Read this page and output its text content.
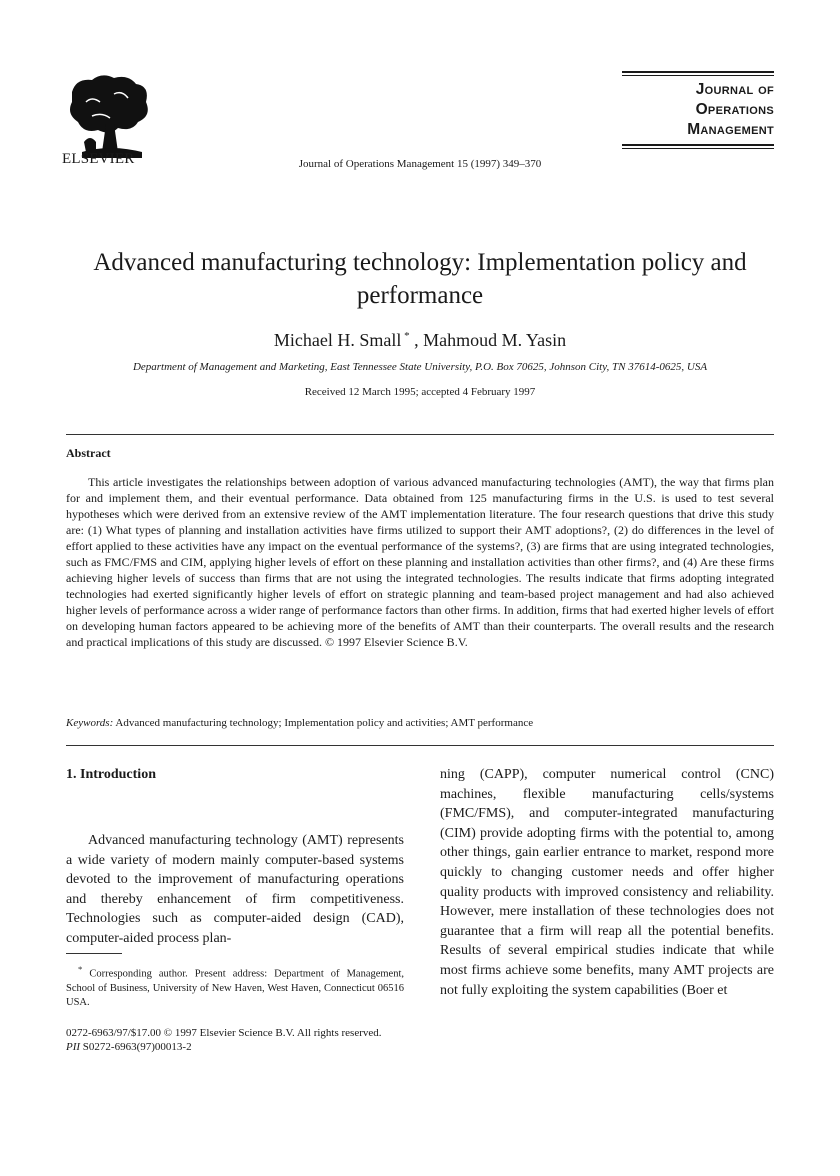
ELSEVIER	Journal of Operations Management 15 (1997) 349–370

Journal of

Operations

Management

Advanced manufacturing technology: Implementation policy and performance
Michael H. Small * , Mahmoud M. Yasin
Department of Management and Marketing, East Tennessee State University, P.O. Box 70625, Johnson City, TN 37614-0625, USA
Received 12 March 1995; accepted 4 February 1997
Abstract

This article investigates the relationships between adoption of various advanced manufacturing technologies (AMT), the way that firms plan for and implement them, and their eventual performance. Data obtained from 125 manufacturing firms in the U.S. is used to test several hypotheses which were derived from an extensive review of the AMT implementation literature. The four research questions that drive this study are: (1) What types of planning and installation activities have firms utilized to support their AMT adoptions?, (2) do differences in the level of effort applied to these activities have any impact on the eventual performance of the systems?, (3) are firms that are using integrated technologies, such as FMC/FMS and CIM, applying higher levels of effort on these planning and installation activities than other firms?, and (4) Are these firms achieving higher levels of success than firms that are not using the integrated technologies. The results indicate that firms adopting integrated technologies had exerted significantly higher levels of effort on strategic planning and team-based project management and had also achieved higher levels of performance across a wider range of performance factors than other firms. In addition, firms that had exerted higher levels of effort on developing human factors appeared to be achieving more of the benefits of AMT than their counterparts. The overall results and the research and practical implications of this study are discussed. © 1997 Elsevier Science B.V.

Keywords: Advanced manufacturing technology; Implementation policy and activities; AMT performance
1. Introduction

Advanced manufacturing technology (AMT) represents a wide variety of modern mainly computer-based systems devoted to the improvement of manufacturing operations and thereby enhancement of firm competitiveness. Technologies such as computer-aided design (CAD), computer-aided process plan-

ning (CAPP), computer numerical control (CNC) machines, flexible manufacturing cells/systems (FMC/FMS), and computer-integrated manufacturing (CIM) provide adopting firms with the potential to, among other things, gain earlier entrance to market, respond more quickly to changing customer needs and offer higher quality products with improved consistency and reliability. However, mere installation of these technologies does not guarantee that a firm will reap all the potential benefits. Results of several empirical studies indicate that while most firms achieve some benefits, many AMT projects are not fully exploiting the system capabilities (Boer et

* Corresponding author. Present address: Department of Management, School of Business, University of New Haven, West Haven, Connecticut 06516 USA.

0272-6963/97/$17.00 © 1997 Elsevier Science B.V. All rights reserved.
PII S0272-6963(97)00013-2
